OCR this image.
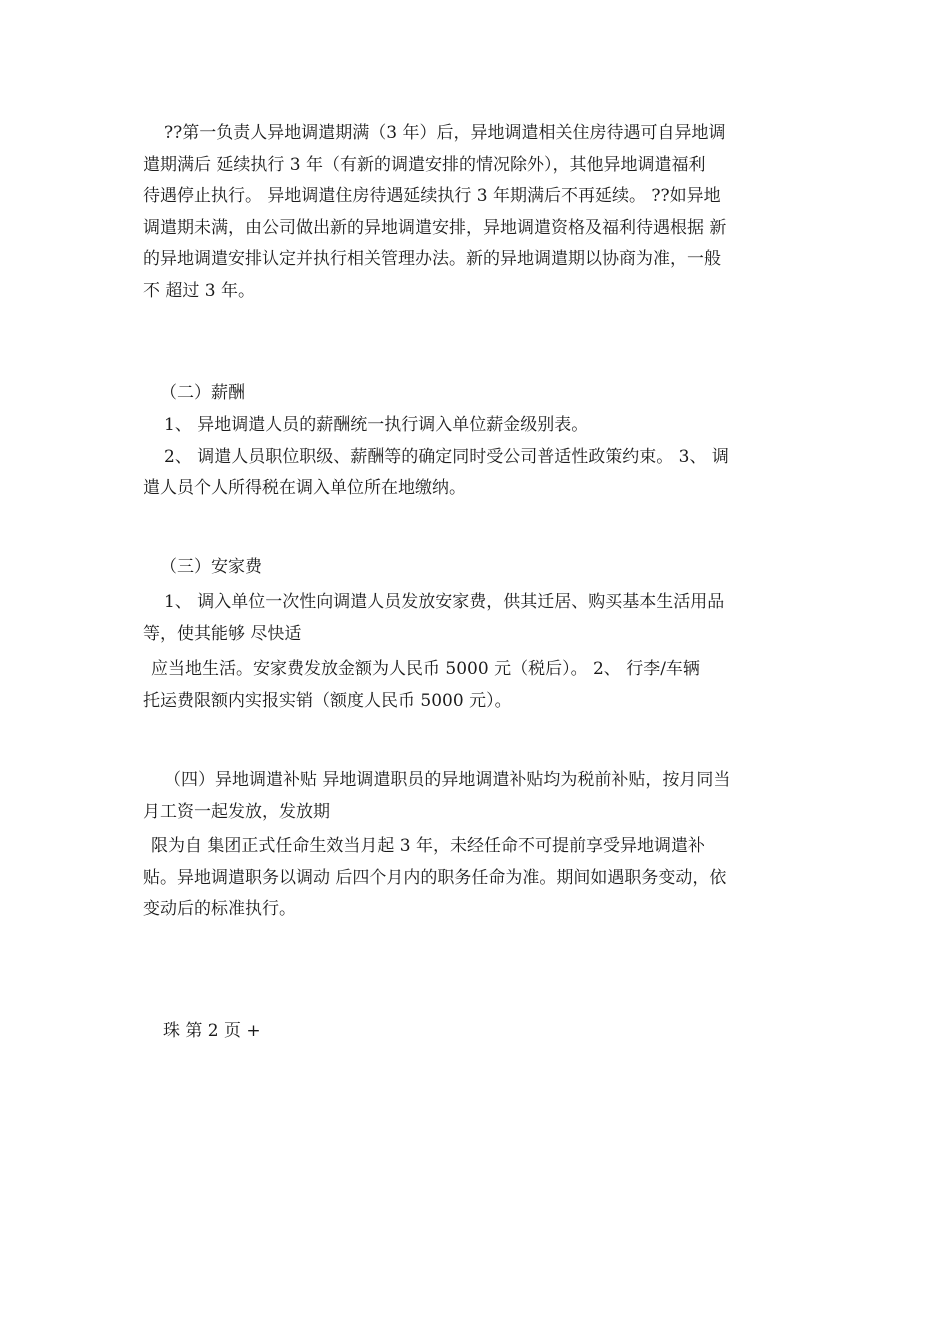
??第一负责人异地调遣期满（3 年）后，异地调遣相关住房待遇可自异地调
遣期满后 延续执行 3 年（有新的调遣安排的情况除外），其他异地调遣福利
待遇停止执行。 异地调遣住房待遇延续执行 3 年期满后不再延续。 ??如异地
调遣期未满，由公司做出新的异地调遣安排，异地调遣资格及福利待遇根据 新
的异地调遣安排认定并执行相关管理办法。新的异地调遣期以协商为准，一般
不 超过 3 年。
（二）薪酬
1、 异地调遣人员的薪酬统一执行调入单位薪金级别表。
2、 调遣人员职位职级、薪酬等的确定同时受公司普适性政策约束。 3、 调
遣人员个人所得税在调入单位所在地缴纳。
（三）安家费
1、 调入单位一次性向调遣人员发放安家费，供其迁居、购买基本生活用品
等，使其能够 尽快适
应当地生活。安家费发放金额为人民币 5000 元（税后）。 2、 行李/车辆
托运费限额内实报实销（额度人民币 5000 元）。
（四）异地调遣补贴 异地调遣职员的异地调遣补贴均为税前补贴，按月同当
月工资一起发放，发放期
限为自 集团正式任命生效当月起 3 年，未经任命不可提前享受异地调遣补
贴。异地调遣职务以调动 后四个月内的职务任命为准。期间如遇职务变动，依
变动后的标准执行。
珠 第 2 页 +
